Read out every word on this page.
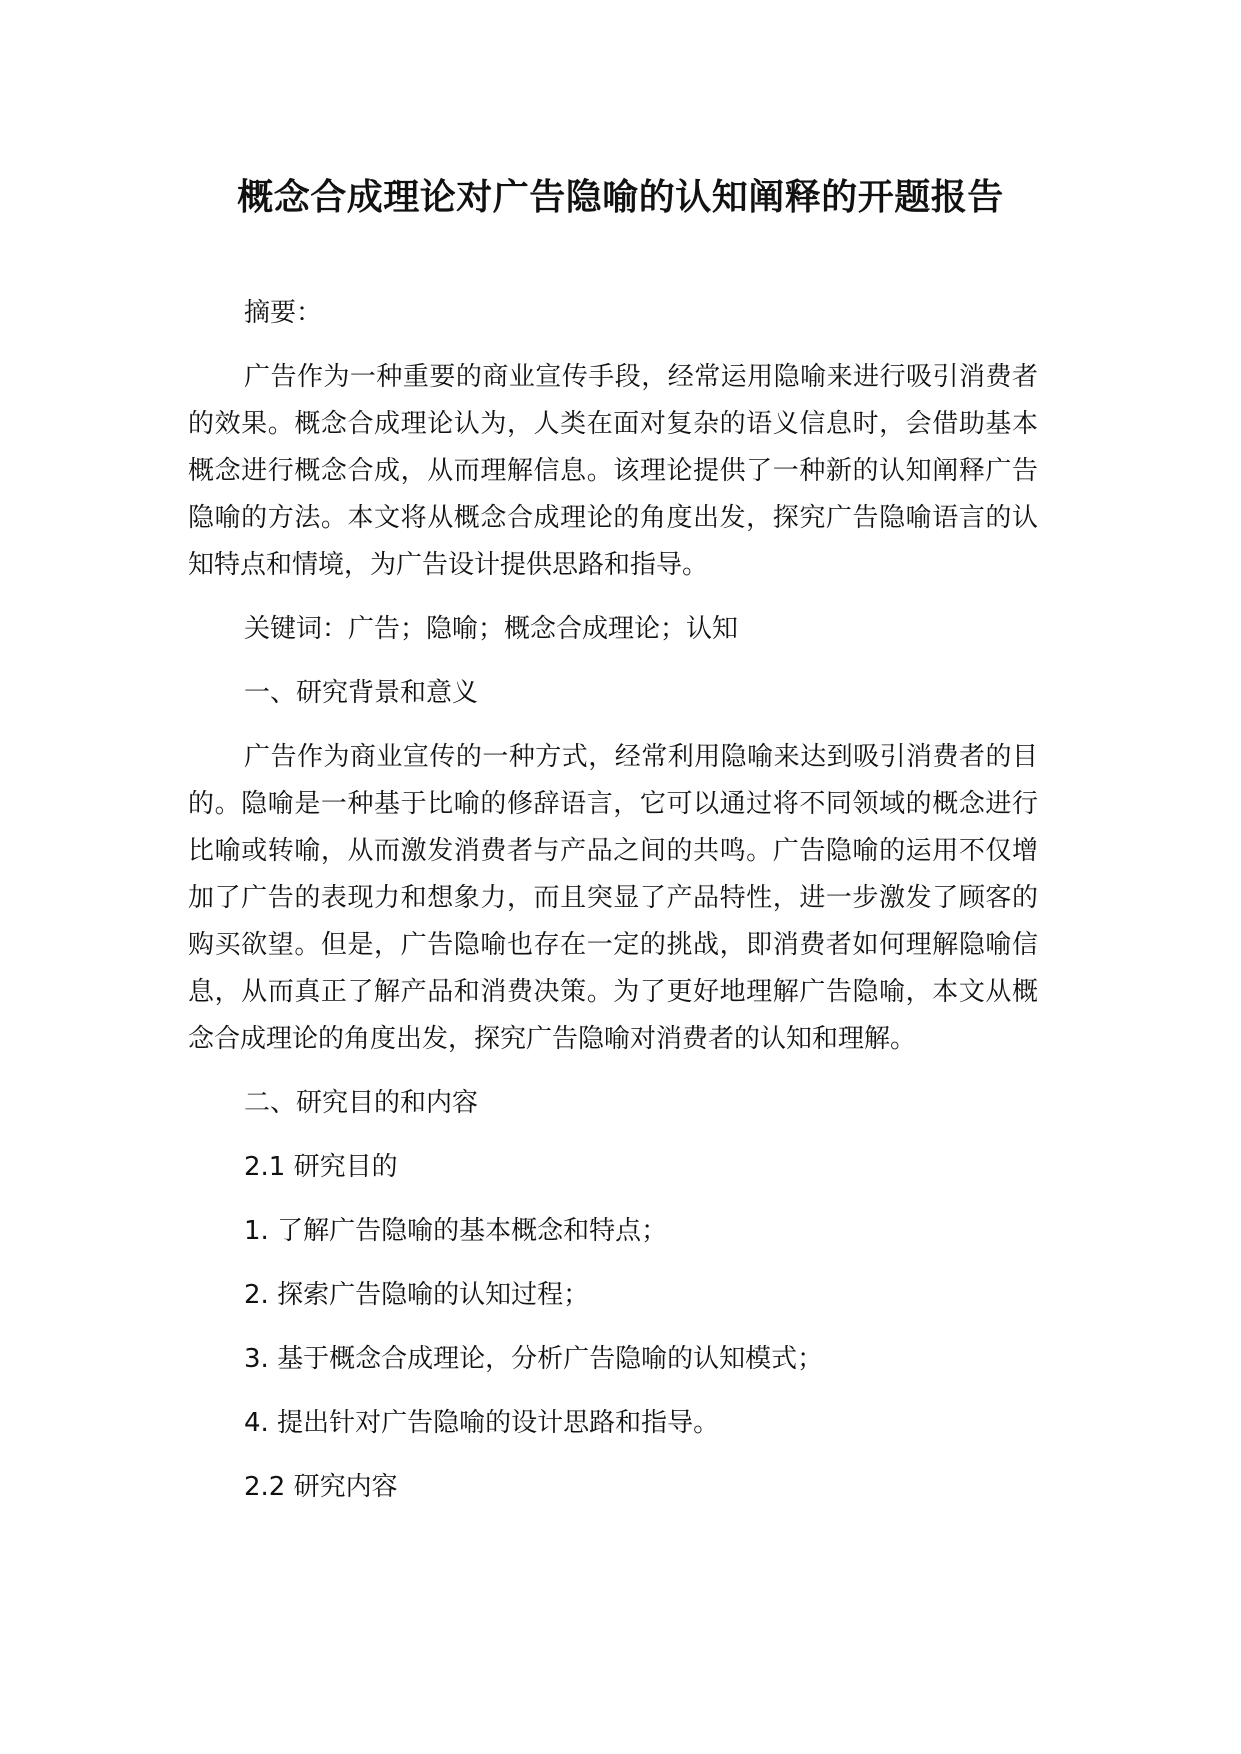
概念合成理论对广告隐喻的认知阐释的开题报告
摘要：

广告作为一种重要的商业宣传手段，经常运用隐喻来进行吸引消费者的效果。概念合成理论认为，人类在面对复杂的语义信息时，会借助基本概念进行概念合成，从而理解信息。该理论提供了一种新的认知阐释广告隐喻的方法。本文将从概念合成理论的角度出发，探究广告隐喻语言的认知特点和情境，为广告设计提供思路和指导。

关键词：广告；隐喻；概念合成理论；认知
一、研究背景和意义

广告作为商业宣传的一种方式，经常利用隐喻来达到吸引消费者的目的。隐喻是一种基于比喻的修辞语言，它可以通过将不同领域的概念进行比喻或转喻，从而激发消费者与产品之间的共鸣。广告隐喻的运用不仅增加了广告的表现力和想象力，而且突显了产品特性，进一步激发了顾客的购买欲望。但是，广告隐喻也存在一定的挑战，即消费者如何理解隐喻信息，从而真正了解产品和消费决策。为了更好地理解广告隐喻，本文从概念合成理论的角度出发，探究广告隐喻对消费者的认知和理解。

二、研究目的和内容
2.1 研究目的
1. 了解广告隐喻的基本概念和特点；
2. 探索广告隐喻的认知过程；
3. 基于概念合成理论，分析广告隐喻的认知模式；
4. 提出针对广告隐喻的设计思路和指导。
2.2 研究内容
